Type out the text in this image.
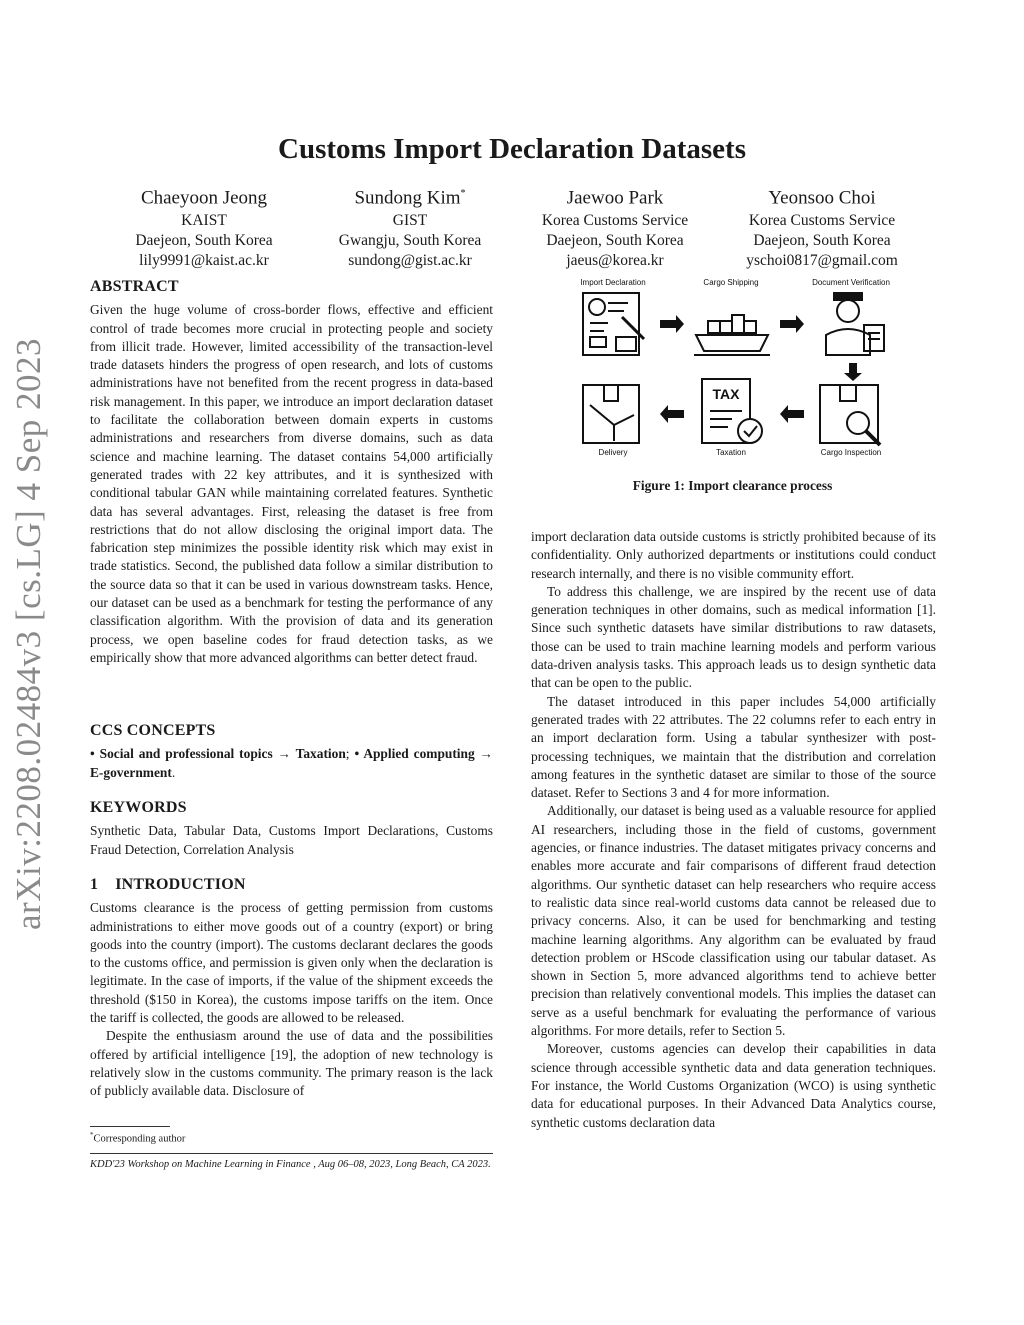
arXiv:2208.02484v3 [cs.LG] 4 Sep 2023
Customs Import Declaration Datasets
Chaeyoon Jeong
KAIST
Daejeon, South Korea
lily9991@kaist.ac.kr
Sundong Kim*
GIST
Gwangju, South Korea
sundong@gist.ac.kr
Jaewoo Park
Korea Customs Service
Daejeon, South Korea
jaeus@korea.kr
Yeonsoo Choi
Korea Customs Service
Daejeon, South Korea
yschoi0817@gmail.com
ABSTRACT

Given the huge volume of cross-border flows, effective and efficient control of trade becomes more crucial in protecting people and society from illicit trade. However, limited accessibility of the transaction-level trade datasets hinders the progress of open research, and lots of customs administrations have not benefited from the recent progress in data-based risk management. In this paper, we introduce an import declaration dataset to facilitate the collaboration between domain experts in customs administrations and researchers from diverse domains, such as data science and machine learning. The dataset contains 54,000 artificially generated trades with 22 key attributes, and it is synthesized with conditional tabular GAN while maintaining correlated features. Synthetic data has several advantages. First, releasing the dataset is free from restrictions that do not allow disclosing the original import data. The fabrication step minimizes the possible identity risk which may exist in trade statistics. Second, the published data follow a similar distribution to the source data so that it can be used in various downstream tasks. Hence, our dataset can be used as a benchmark for testing the performance of any classification algorithm. With the provision of data and its generation process, we open baseline codes for fraud detection tasks, as we empirically show that more advanced algorithms can better detect fraud.

CCS CONCEPTS

• Social and professional topics → Taxation; • Applied computing → E-government.

KEYWORDS

Synthetic Data, Tabular Data, Customs Import Declarations, Customs Fraud Detection, Correlation Analysis

1 INTRODUCTION

Customs clearance is the process of getting permission from customs administrations to either move goods out of a country (export) or bring goods into the country (import). The customs declarant declares the goods to the customs office, and permission is given only when the declaration is legitimate. In the case of imports, if the value of the shipment exceeds the threshold ($150 in Korea), the customs impose tariffs on the item. Once the tariff is collected, the goods are allowed to be released.

Despite the enthusiasm around the use of data and the possibilities offered by artificial intelligence [19], the adoption of new technology is relatively slow in the customs community. The primary reason is the lack of publicly available data. Disclosure of

*Corresponding author
KDD'23 Workshop on Machine Learning in Finance , Aug 06–08, 2023, Long Beach, CA 2023.
Import Declaration	Cargo Shipping	Document Verification
TAX
Delivery	Taxation	Cargo Inspection
Figure 1: Import clearance process

import declaration data outside customs is strictly prohibited because of its confidentiality. Only authorized departments or institutions could conduct research internally, and there is no visible community effort.

To address this challenge, we are inspired by the recent use of data generation techniques in other domains, such as medical information [1]. Since such synthetic datasets have similar distributions to raw datasets, those can be used to train machine learning models and perform various data-driven analysis tasks. This approach leads us to design synthetic data that can be open to the public.

The dataset introduced in this paper includes 54,000 artificially generated trades with 22 attributes. The 22 columns refer to each entry in an import declaration form. Using a tabular synthesizer with post-processing techniques, we maintain that the distribution and correlation among features in the synthetic dataset are similar to those of the source dataset. Refer to Sections 3 and 4 for more information.

Additionally, our dataset is being used as a valuable resource for applied AI researchers, including those in the field of customs, government agencies, or finance industries. The dataset mitigates privacy concerns and enables more accurate and fair comparisons of different fraud detection algorithms. Our synthetic dataset can help researchers who require access to realistic data since real-world customs data cannot be released due to privacy concerns. Also, it can be used for benchmarking and testing machine learning algorithms. Any algorithm can be evaluated by fraud detection problem or HScode classification using our tabular dataset. As shown in Section 5, more advanced algorithms tend to achieve better precision than relatively conventional models. This implies the dataset can serve as a useful benchmark for evaluating the performance of various algorithms. For more details, refer to Section 5.

Moreover, customs agencies can develop their capabilities in data science through accessible synthetic data and data generation techniques. For instance, the World Customs Organization (WCO) is using synthetic data for educational purposes. In their Advanced Data Analytics course, synthetic customs declaration data
